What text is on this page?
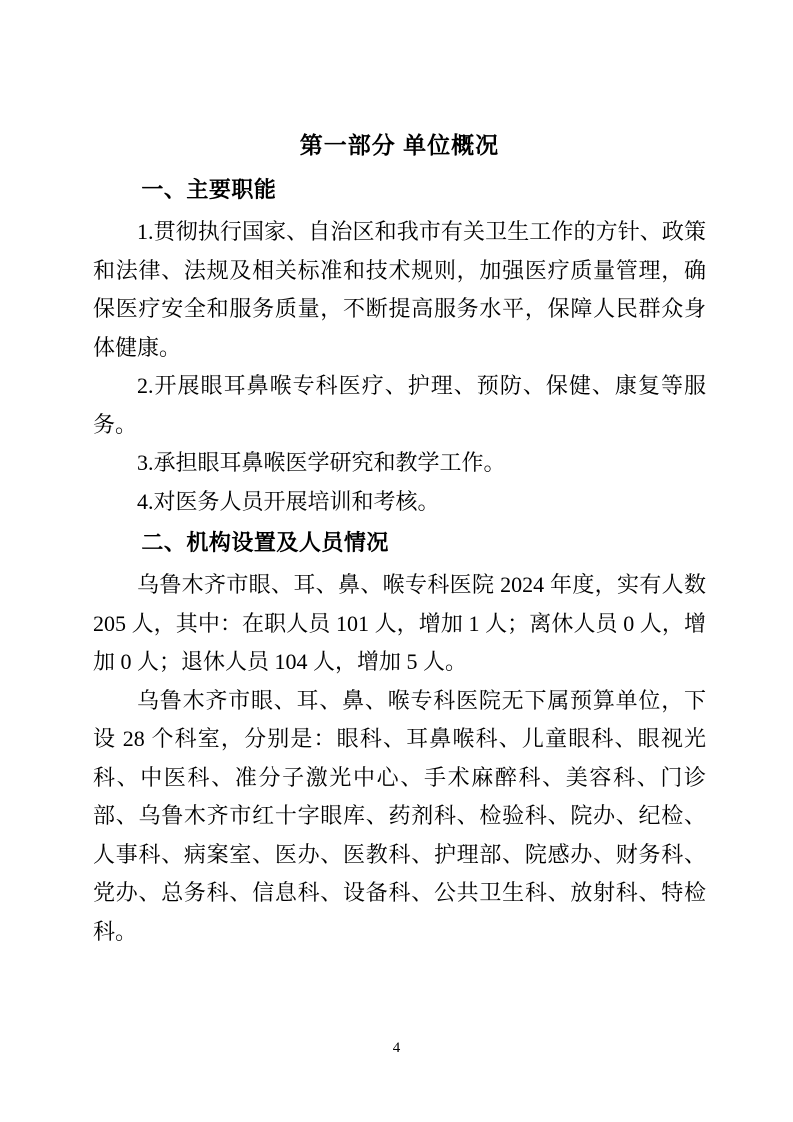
第一部分 单位概况
一、主要职能

1.贯彻执行国家、自治区和我市有关卫生工作的方针、政策和法律、法规及相关标准和技术规则，加强医疗质量管理，确保医疗安全和服务质量，不断提高服务水平，保障人民群众身体健康。

2.开展眼耳鼻喉专科医疗、护理、预防、保健、康复等服务。

3.承担眼耳鼻喉医学研究和教学工作。

4.对医务人员开展培训和考核。

二、机构设置及人员情况

乌鲁木齐市眼、耳、鼻、喉专科医院 2024 年度，实有人数 205 人，其中：在职人员 101 人，增加 1 人；离休人员 0 人，增加 0 人；退休人员 104 人，增加 5 人。

乌鲁木齐市眼、耳、鼻、喉专科医院无下属预算单位，下设 28 个科室，分别是：眼科、耳鼻喉科、儿童眼科、眼视光科、中医科、准分子激光中心、手术麻醉科、美容科、门诊部、乌鲁木齐市红十字眼库、药剂科、检验科、院办、纪检、人事科、病案室、医办、医教科、护理部、院感办、财务科、党办、总务科、信息科、设备科、公共卫生科、放射科、特检科。

4
